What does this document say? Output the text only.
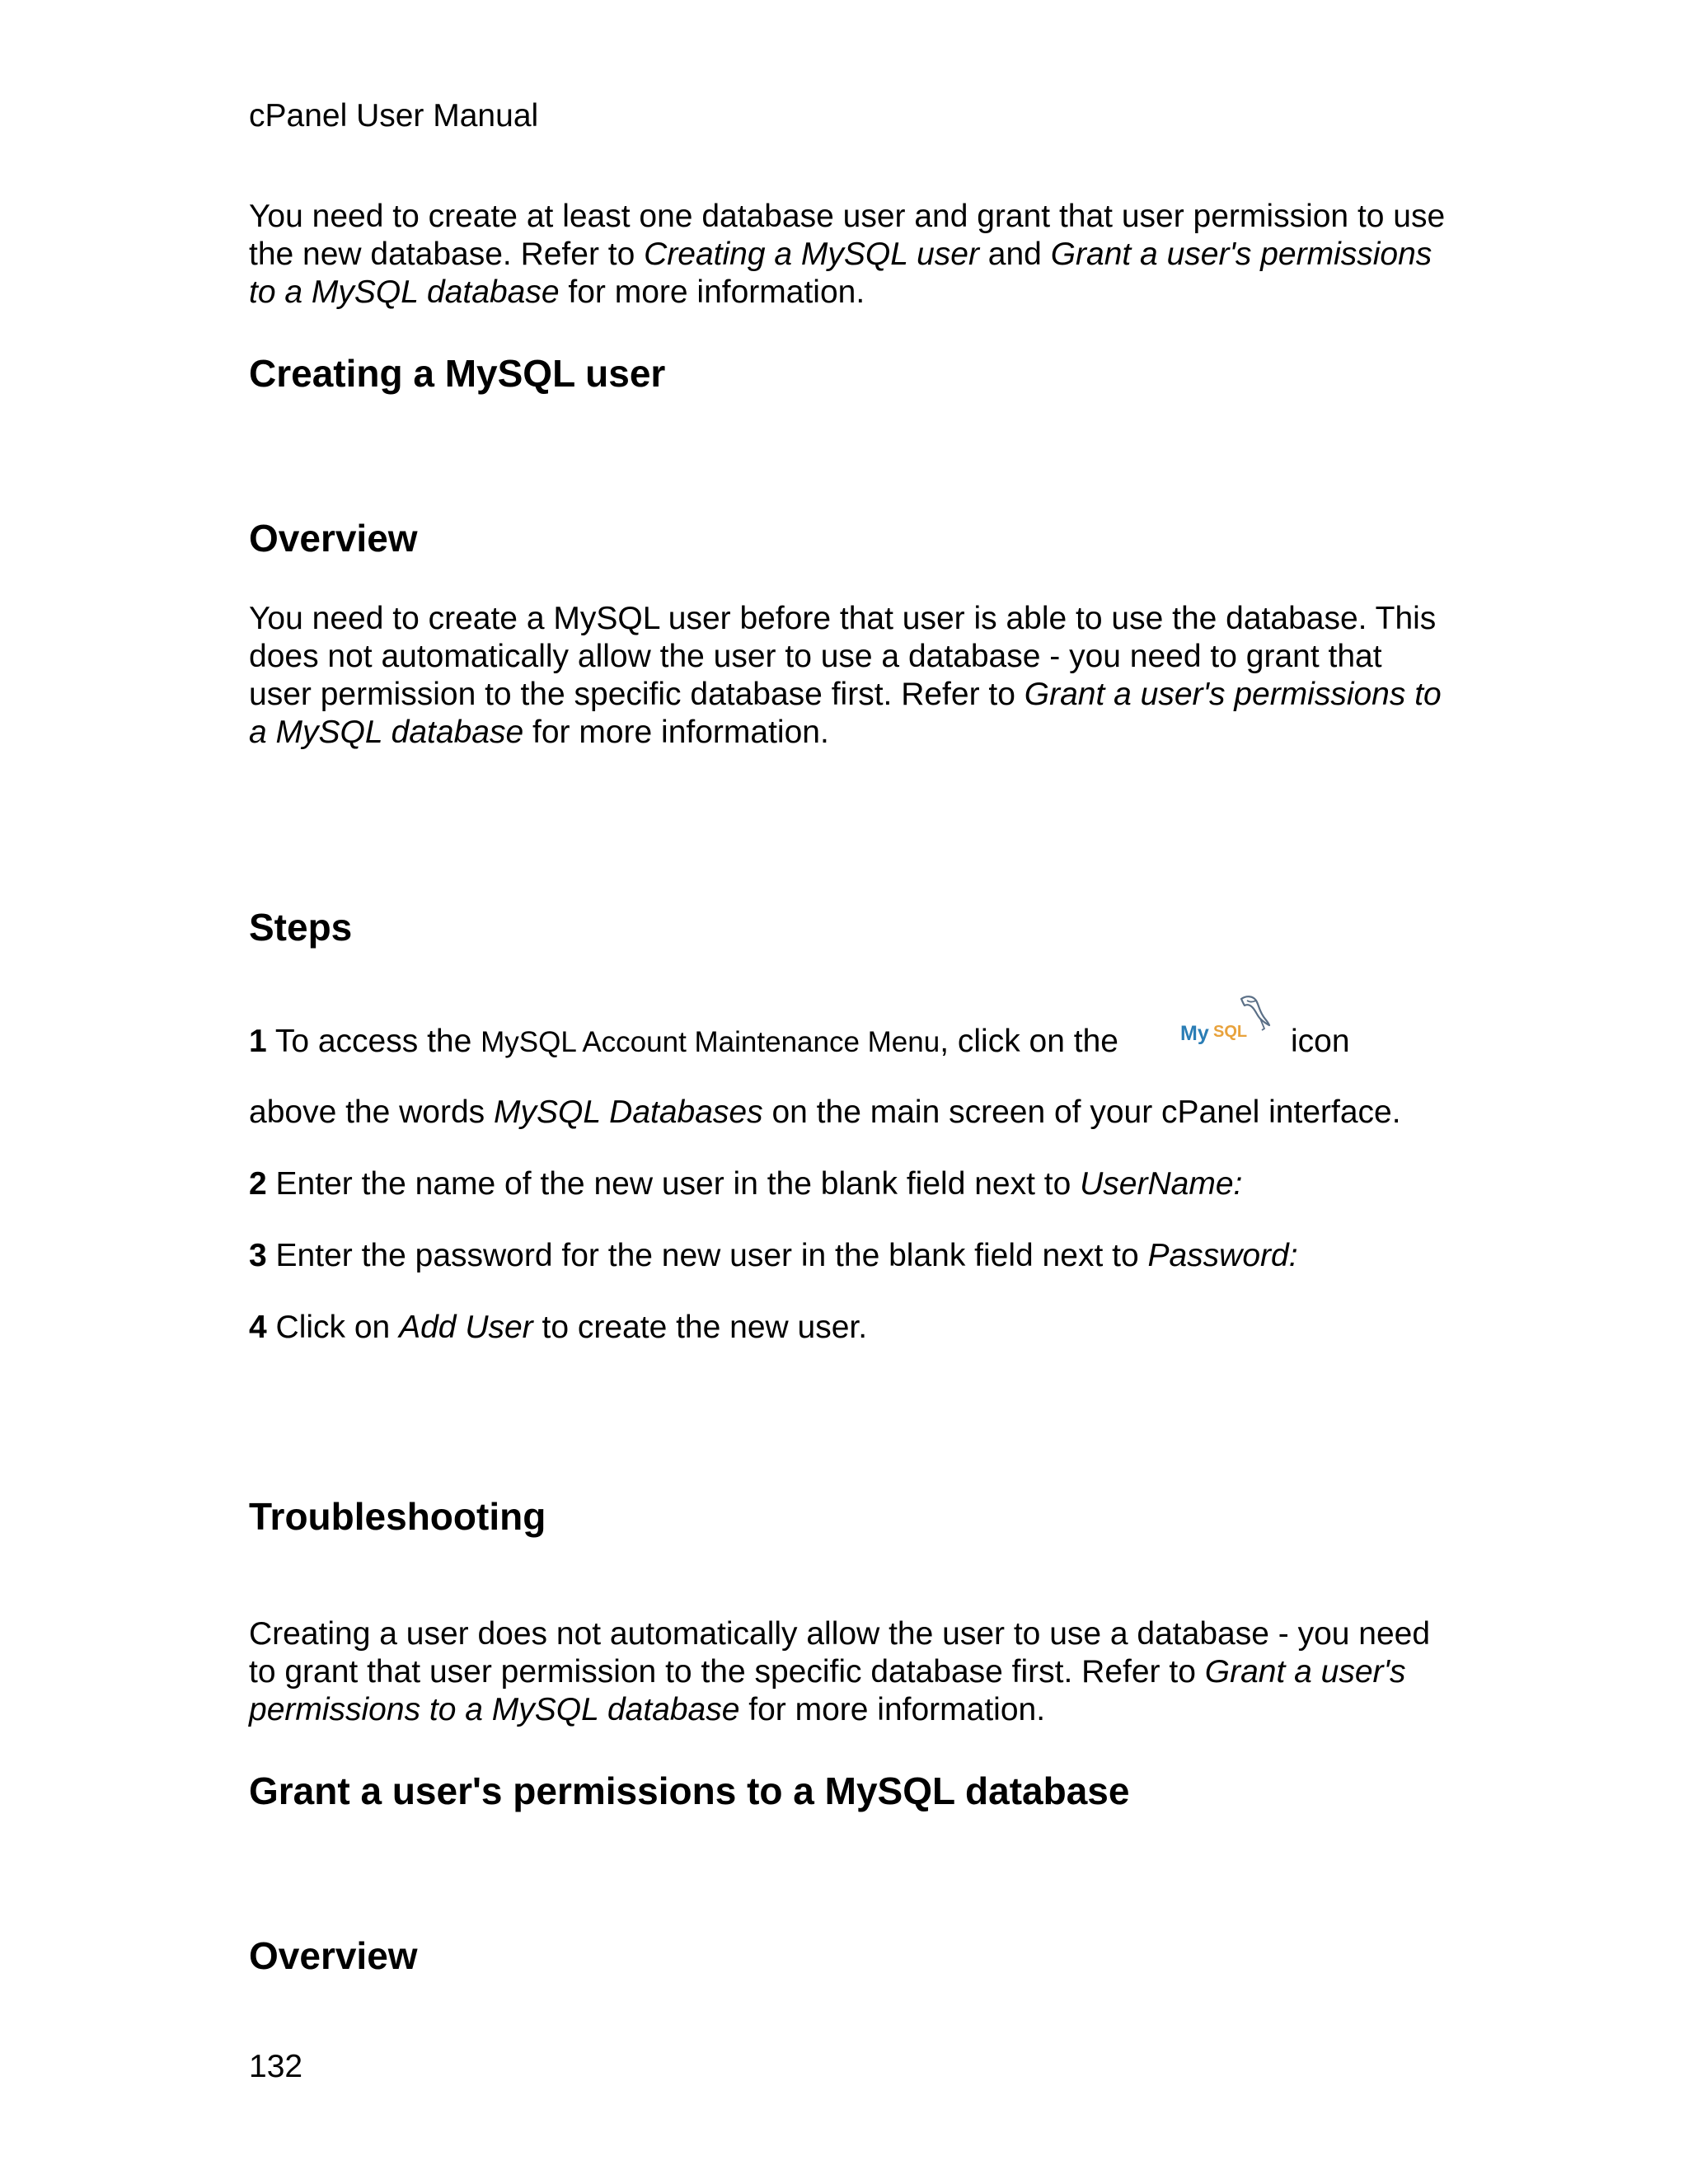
cPanel User Manual

You need to create at least one database user and grant that user permission to use the new database. Refer to Creating a MySQL user and Grant a user's permissions to a MySQL database for more information.

Creating a MySQL user
Overview

You need to create a MySQL user before that user is able to use the database. This does not automatically allow the user to use a database - you need to grant that user permission to the specific database first. Refer to Grant a user's permissions to a MySQL database for more information.

Steps

1 To access the MySQL Account Maintenance Menu, click on the	My SQL icon

above the words MySQL Databases on the main screen of your cPanel interface.

2 Enter the name of the new user in the blank field next to UserName:

3 Enter the password for the new user in the blank field next to Password:

4 Click on Add User to create the new user.

Troubleshooting

Creating a user does not automatically allow the user to use a database - you need to grant that user permission to the specific database first. Refer to Grant a user's permissions to a MySQL database for more information.

Grant a user's permissions to a MySQL database
Overview

132
